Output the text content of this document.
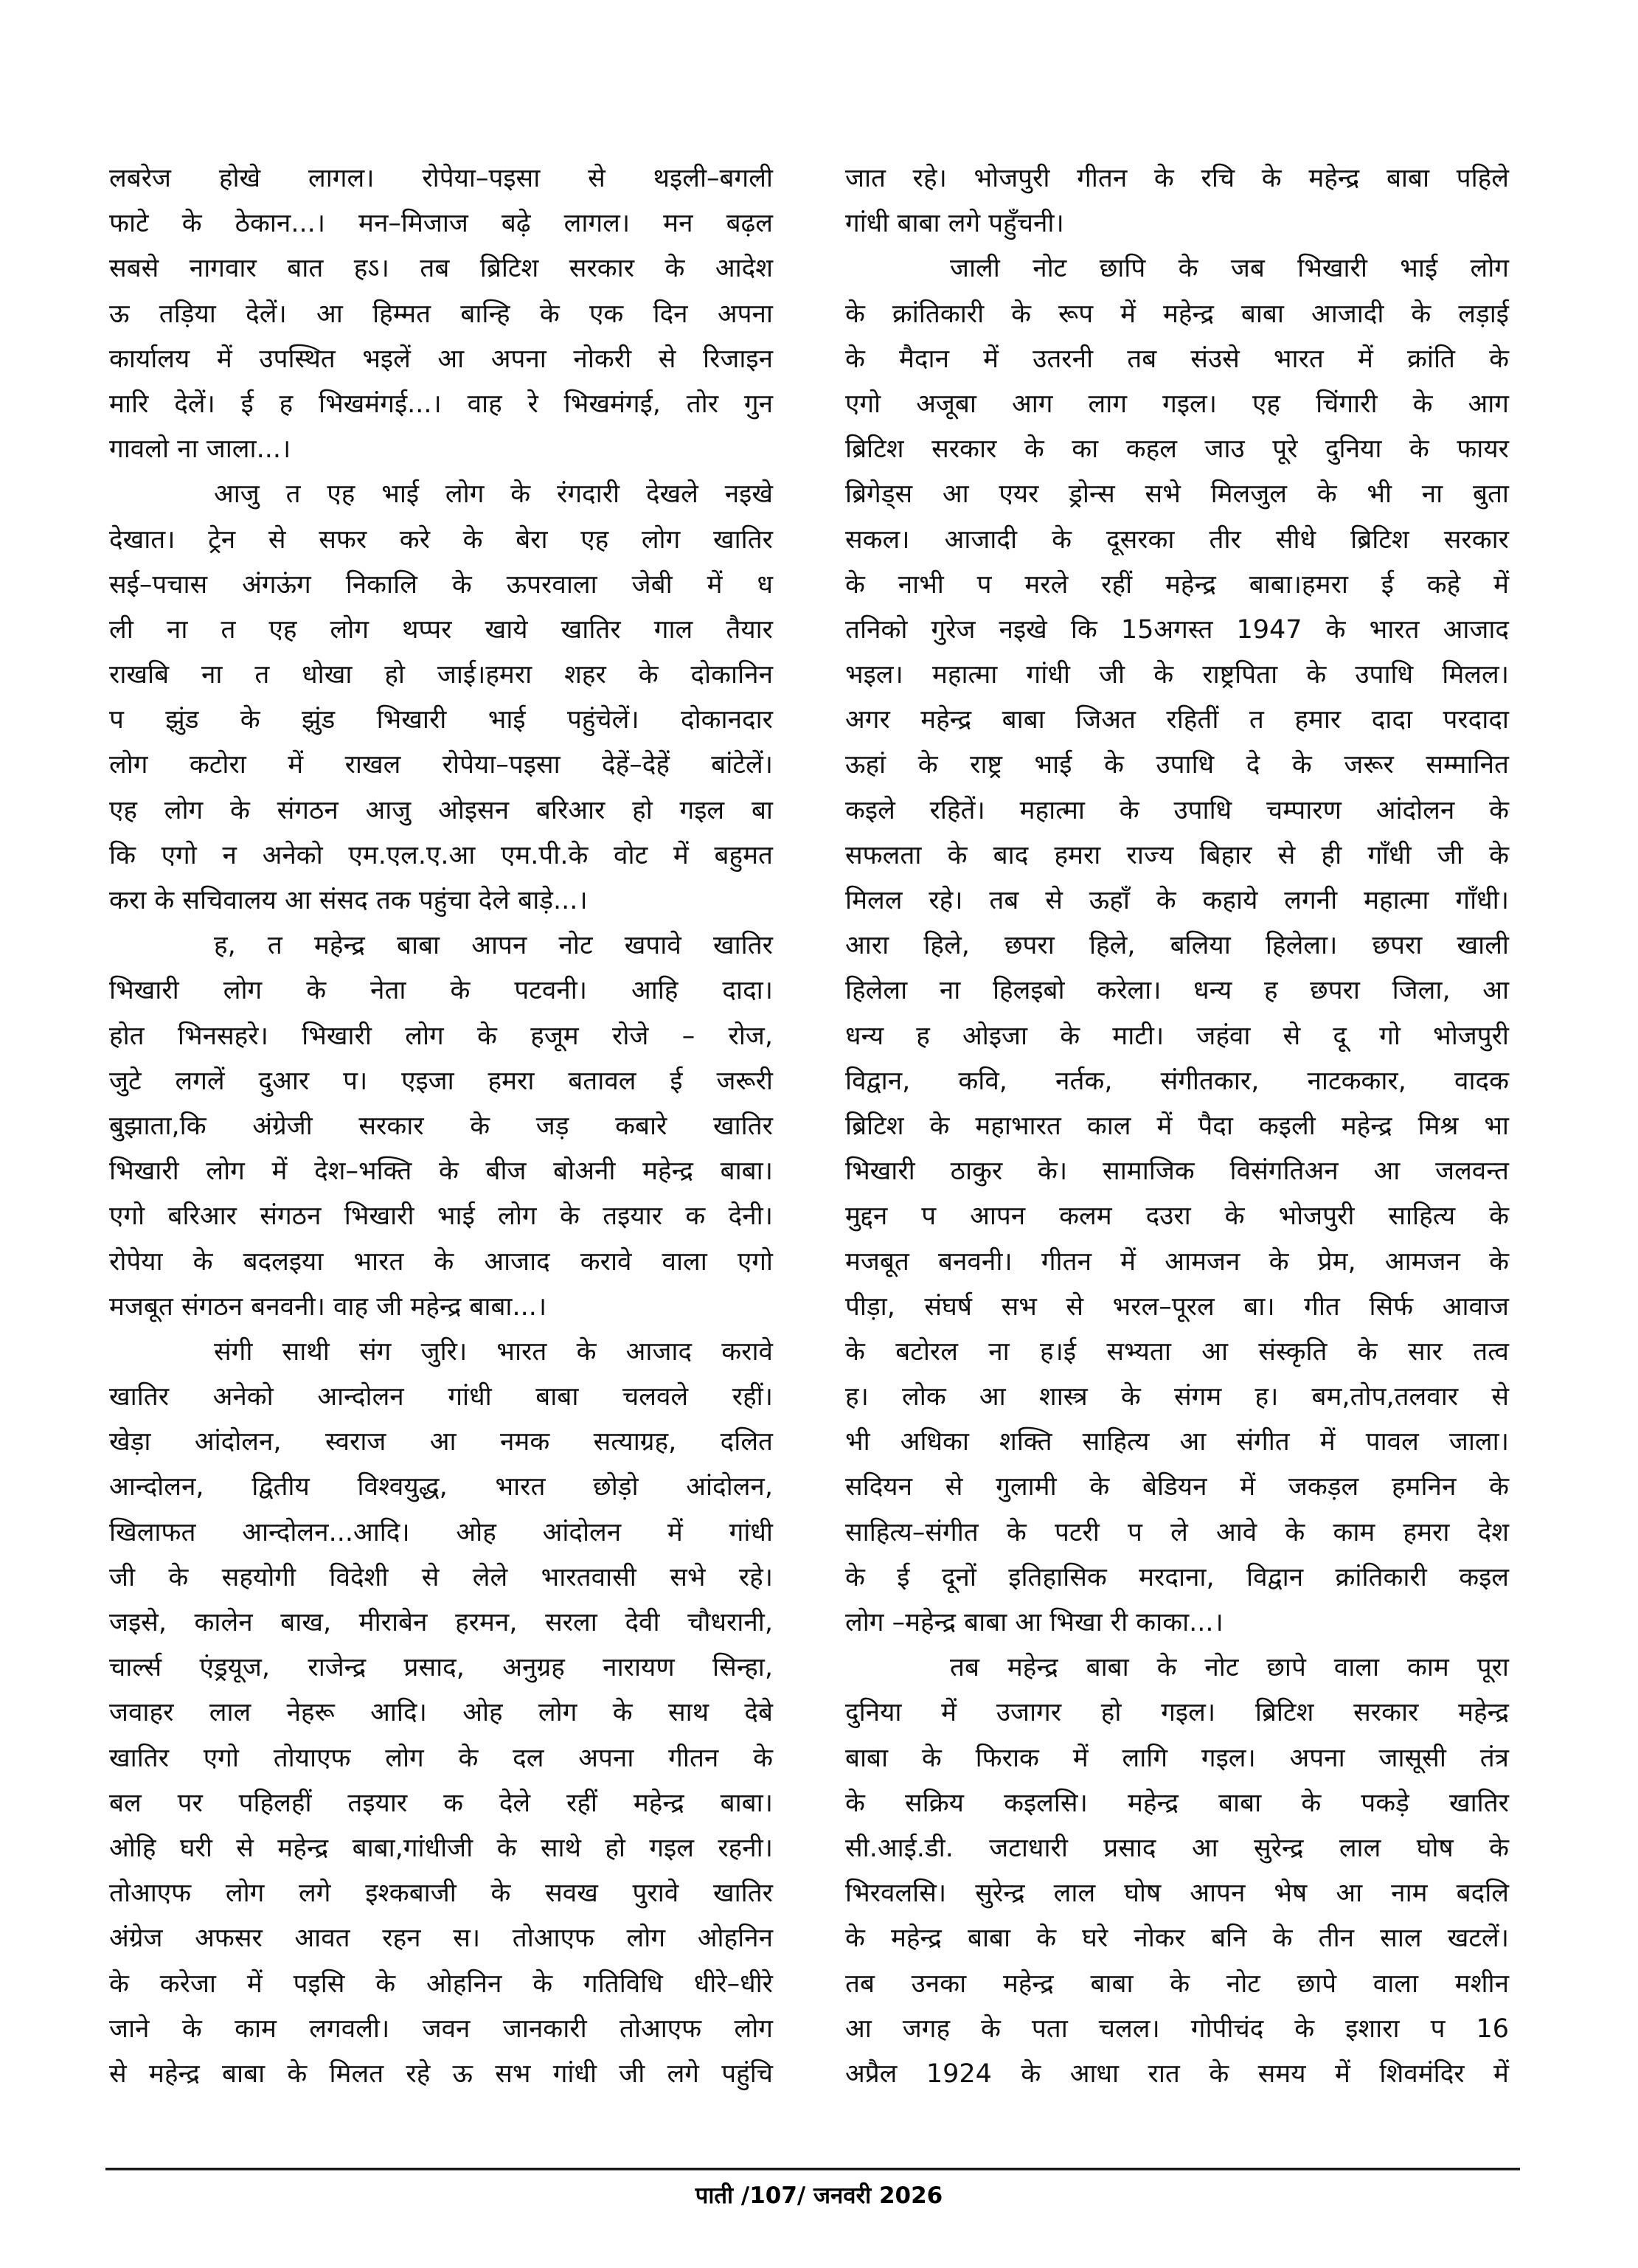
लबरेज होखे लागल। रोपेया–पइसा से थइली–बगली
फाटे के ठेकान...। मन–मिजाज बढ़े लागल। मन बढ़ल
सबसे नागवार बात हऽ। तब ब्रिटिश सरकार के आदेश
ऊ तड़िया देलें। आ हिम्मत बान्हि के एक दिन अपना
कार्यालय में उपस्थित भइलें आ अपना नोकरी से रिजाइन
मारि देलें। ई ह भिखमंगई...। वाह रे भिखमंगई, तोर गुन
गावलो ना जाला...।
आजु त एह भाई लोग के रंगदारी देखले नइखे
देखात। ट्रेन से सफर करे के बेरा एह लोग खातिर
सई–पचास अंगऊंग निकालि के ऊपरवाला जेबी में ध
ली ना त एह लोग थप्पर खाये खातिर गाल तैयार
राखबि ना त धोखा हो जाई।हमरा शहर के दोकानिन
प झुंड के झुंड भिखारी भाई पहुंचेलें। दोकानदार
लोग कटोरा में राखल रोपेया–पइसा देहें–देहें बांटेलें।
एह लोग के संगठन आजु ओइसन बरिआर हो गइल बा
कि एगो न अनेको एम.एल.ए.आ एम.पी.के वोट में बहुमत
करा के सचिवालय आ संसद तक पहुंचा देले बाड़े...।
ह, त महेन्द्र बाबा आपन नोट खपावे खातिर
भिखारी लोग के नेता के पटवनी। आहि दादा।
होत भिनसहरे। भिखारी लोग के हजूम रोजे – रोज,
जुटे लगलें दुआर प। एइजा हमरा बतावल ई जरूरी
बुझाता,कि अंग्रेजी सरकार के जड़ कबारे खातिर
भिखारी लोग में देश–भक्ति के बीज बोअनी महेन्द्र बाबा।
एगो बरिआर संगठन भिखारी भाई लोग के तइयार क देनी।
रोपेया के बदलइया भारत के आजाद करावे वाला एगो
मजबूत संगठन बनवनी। वाह जी महेन्द्र बाबा...।
संगी साथी संग जुरि। भारत के आजाद करावे
खातिर अनेको आन्दोलन गांधी बाबा चलवले रहीं।
खेड़ा आंदोलन, स्वराज आ नमक सत्याग्रह, दलित
आन्दोलन, द्वितीय विश्वयुद्ध, भारत छोड़ो आंदोलन,
खिलाफत आन्दोलन...आदि। ओह आंदोलन में गांधी
जी के सहयोगी विदेशी से लेले भारतवासी सभे रहे।
जइसे, कालेन बाख, मीराबेन हरमन, सरला देवी चौधरानी,
चार्ल्स एंड्रयूज, राजेन्द्र प्रसाद, अनुग्रह नारायण सिन्हा,
जवाहर लाल नेहरू आदि। ओह लोग के साथ देबे
खातिर एगो तोयाएफ लोग के दल अपना गीतन के
बल पर पहिलहीं तइयार क देले रहीं महेन्द्र बाबा।
ओहि घरी से महेन्द्र बाबा,गांधीजी के साथे हो गइल रहनी।
तोआएफ लोग लगे इश्कबाजी के सवख पुरावे खातिर
अंग्रेज अफसर आवत रहन स। तोआएफ लोग ओहनिन
के करेजा में पइसि के ओहनिन के गतिविधि धीरे–धीरे
जाने के काम लगवली। जवन जानकारी तोआएफ लोग
से महेन्द्र बाबा के मिलत रहे ऊ सभ गांधी जी लगे पहुंचि
जात रहे। भोजपुरी गीतन के रचि के महेन्द्र बाबा पहिले
गांधी बाबा लगे पहुँचनी।
जाली नोट छापि के जब भिखारी भाई लोग
के क्रांतिकारी के रूप में महेन्द्र बाबा आजादी के लड़ाई
के मैदान में उतरनी तब संउसे भारत में क्रांति के
एगो अजूबा आग लाग गइल। एह चिंगारी के आग
ब्रिटिश सरकार के का कहल जाउ पूरे दुनिया के फायर
ब्रिगेड्स आ एयर ड्रोन्स सभे मिलजुल के भी ना बुता
सकल। आजादी के दूसरका तीर सीधे ब्रिटिश सरकार
के नाभी प मरले रहीं महेन्द्र बाबा।हमरा ई कहे में
तनिको गुरेज नइखे कि 15अगस्त 1947 के भारत आजाद
भइल। महात्मा गांधी जी के राष्ट्रपिता के उपाधि मिलल।
अगर महेन्द्र बाबा जिअत रहितीं त हमार दादा परदादा
ऊहां के राष्ट्र भाई के उपाधि दे के जरूर सम्मानित
कइले रहितें। महात्मा के उपाधि चम्पारण आंदोलन के
सफलता के बाद हमरा राज्य बिहार से ही गाँधी जी के
मिलल रहे। तब से ऊहाँ के कहाये लगनी महात्मा गाँधी।
आरा हिले, छपरा हिले, बलिया हिलेला। छपरा खाली
हिलेला ना हिलइबो करेला। धन्य ह छपरा जिला, आ
धन्य ह ओइजा के माटी। जहंवा से दू गो भोजपुरी
विद्वान, कवि, नर्तक, संगीतकार, नाटककार, वादक
ब्रिटिश के महाभारत काल में पैदा कइली महेन्द्र मिश्र भा
भिखारी ठाकुर के। सामाजिक विसंगतिअन आ जलवन्त
मुद्दन प आपन कलम दउरा के भोजपुरी साहित्य के
मजबूत बनवनी। गीतन में आमजन के प्रेम, आमजन के
पीड़ा, संघर्ष सभ से भरल–पूरल बा। गीत सिर्फ आवाज
के बटोरल ना ह।ई सभ्यता आ संस्कृति के सार तत्व
ह। लोक आ शास्त्र के संगम ह। बम,तोप,तलवार से
भी अधिका शक्ति साहित्य आ संगीत में पावल जाला।
सदियन से गुलामी के बेडियन में जकड़ल हमनिन के
साहित्य–संगीत के पटरी प ले आवे के काम हमरा देश
के ई दूनों इतिहासिक मरदाना, विद्वान क्रांतिकारी कइल
लोग –महेन्द्र बाबा आ भिखा री काका...।
तब महेन्द्र बाबा के नोट छापे वाला काम पूरा
दुनिया में उजागर हो गइल। ब्रिटिश सरकार महेन्द्र
बाबा के फिराक में लागि गइल। अपना जासूसी तंत्र
के सक्रिय कइलसि। महेन्द्र बाबा के पकड़े खातिर
सी.आई.डी. जटाधारी प्रसाद आ सुरेन्द्र लाल घोष के
भिरवलसि। सुरेन्द्र लाल घोष आपन भेष आ नाम बदलि
के महेन्द्र बाबा के घरे नोकर बनि के तीन साल खटलें।
तब उनका महेन्द्र बाबा के नोट छापे वाला मशीन
आ जगह के पता चलल। गोपीचंद के इशारा प 16
अप्रैल 1924 के आधा रात के समय में शिवमंदिर में
पाती /107/ जनवरी 2026
